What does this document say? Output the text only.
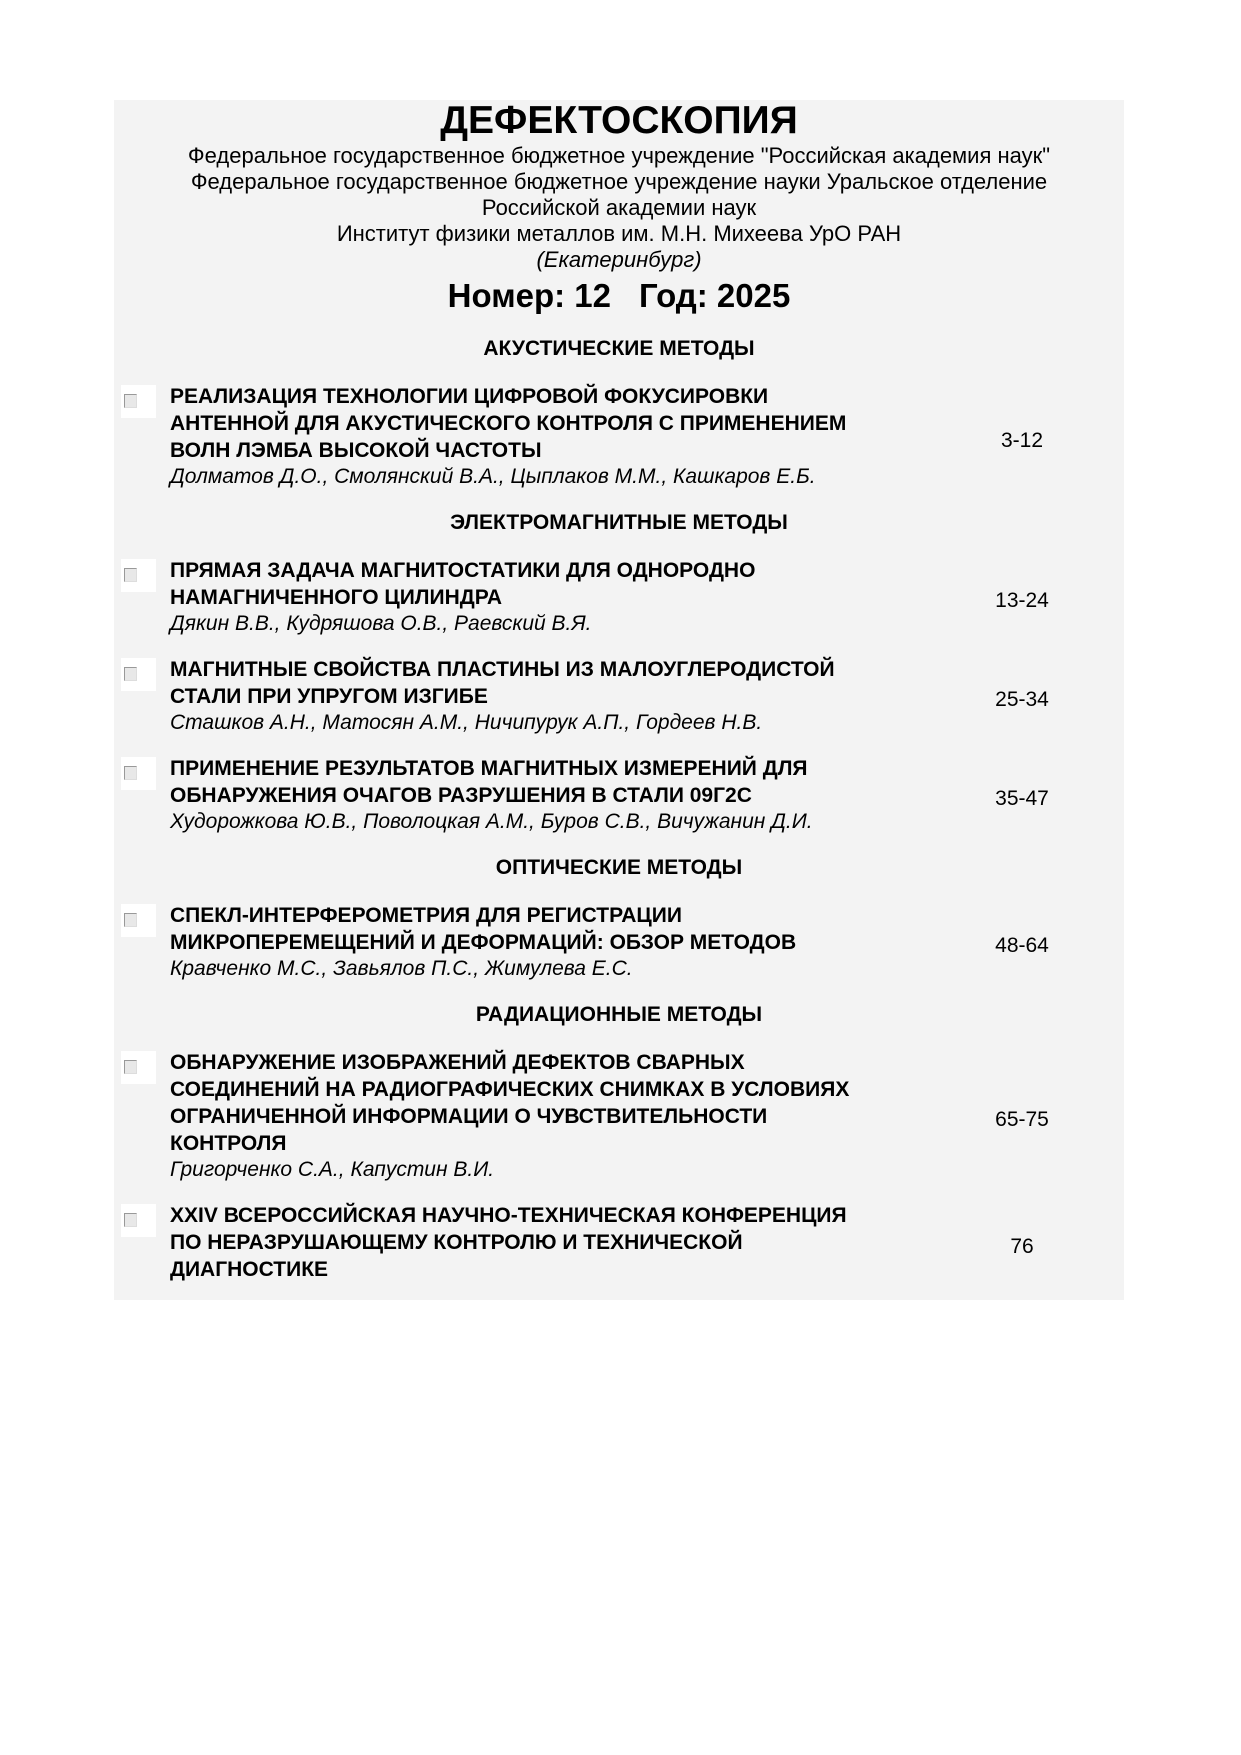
ДЕФЕКТОСКОПИЯ
Федеральное государственное бюджетное учреждение "Российская академия наук"
Федеральное государственное бюджетное учреждение науки Уральское отделение
Российской академии наук
Институт физики металлов им. М.Н. Михеева УрО РАН
(Екатеринбург)
Номер: 12 Год: 2025
АКУСТИЧЕСКИЕ МЕТОДЫ
РЕАЛИЗАЦИЯ ТЕХНОЛОГИИ ЦИФРОВОЙ ФОКУСИРОВКИ
АНТЕННОЙ ДЛЯ АКУСТИЧЕСКОГО КОНТРОЛЯ С ПРИМЕНЕНИЕМ
ВОЛН ЛЭМБА ВЫСОКОЙ ЧАСТОТЫ
Долматов Д.О., Смолянский В.А., Цыплаков М.М., Кашкаров Е.Б.
3-12
ЭЛЕКТРОМАГНИТНЫЕ МЕТОДЫ
ПРЯМАЯ ЗАДАЧА МАГНИТОСТАТИКИ ДЛЯ ОДНОРОДНО
НАМАГНИЧЕННОГО ЦИЛИНДРА
Дякин В.В., Кудряшова О.В., Раевский В.Я.
13-24
МАГНИТНЫЕ СВОЙСТВА ПЛАСТИНЫ ИЗ МАЛОУГЛЕРОДИСТОЙ
СТАЛИ ПРИ УПРУГОМ ИЗГИБЕ
Сташков А.Н., Матосян А.М., Ничипурук А.П., Гордеев Н.В.
25-34
ПРИМЕНЕНИЕ РЕЗУЛЬТАТОВ МАГНИТНЫХ ИЗМЕРЕНИЙ ДЛЯ
ОБНАРУЖЕНИЯ ОЧАГОВ РАЗРУШЕНИЯ В СТАЛИ 09Г2С
Худорожкова Ю.В., Поволоцкая А.М., Буров С.В., Вичужанин Д.И.
35-47
ОПТИЧЕСКИЕ МЕТОДЫ
СПЕКЛ-ИНТЕРФЕРОМЕТРИЯ ДЛЯ РЕГИСТРАЦИИ
МИКРОПЕРЕМЕЩЕНИЙ И ДЕФОРМАЦИЙ: ОБЗОР МЕТОДОВ
Кравченко М.С., Завьялов П.С., Жимулева Е.С.
48-64
РАДИАЦИОННЫЕ МЕТОДЫ
ОБНАРУЖЕНИЕ ИЗОБРАЖЕНИЙ ДЕФЕКТОВ СВАРНЫХ
СОЕДИНЕНИЙ НА РАДИОГРАФИЧЕСКИХ СНИМКАХ В УСЛОВИЯХ
ОГРАНИЧЕННОЙ ИНФОРМАЦИИ О ЧУВСТВИТЕЛЬНОСТИ
КОНТРОЛЯ
Григорченко С.А., Капустин В.И.
65-75
XXIV ВСЕРОССИЙСКАЯ НАУЧНО-ТЕХНИЧЕСКАЯ КОНФЕРЕНЦИЯ
ПО НЕРАЗРУШАЮЩЕМУ КОНТРОЛЮ И ТЕХНИЧЕСКОЙ
ДИАГНОСТИКЕ
76
